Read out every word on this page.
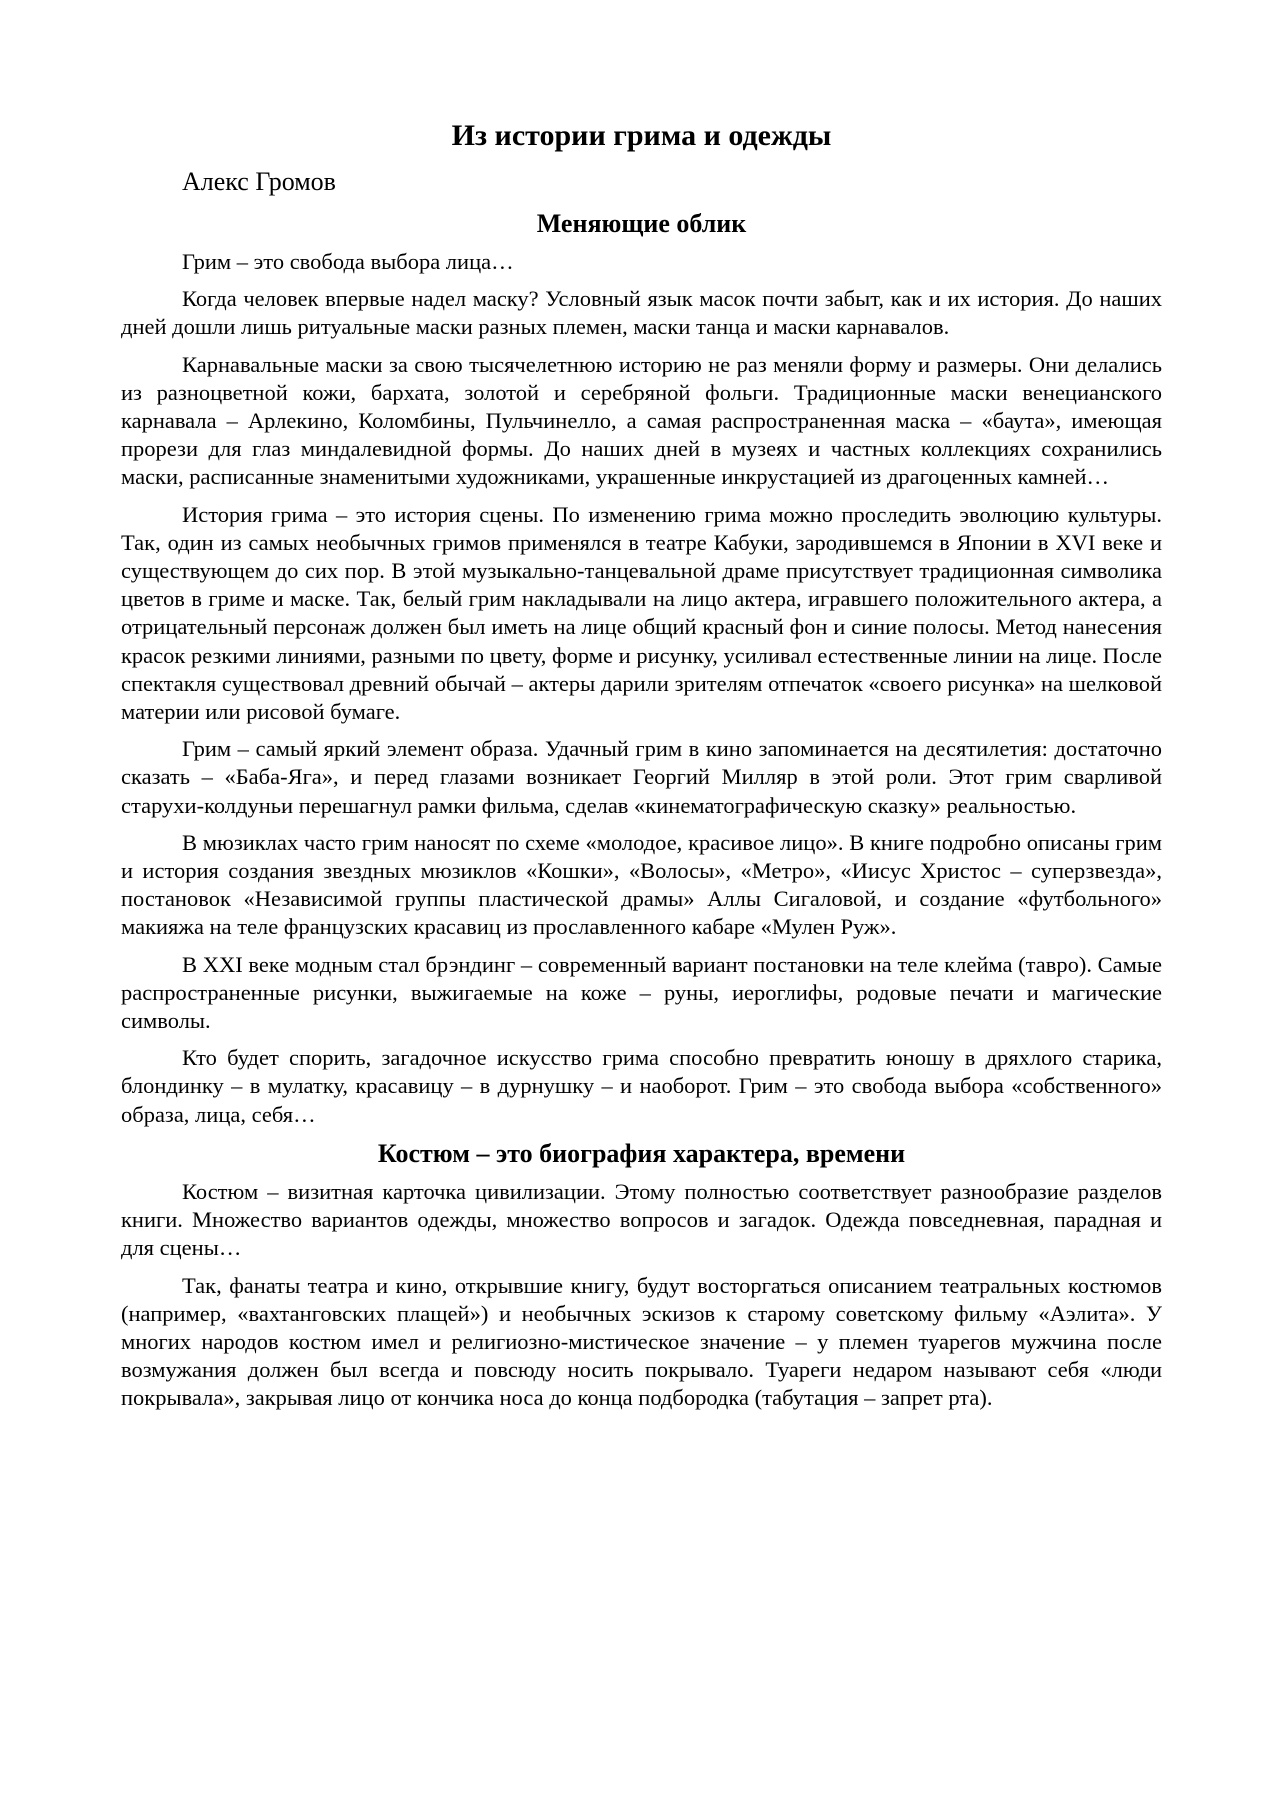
Из истории грима и одежды
Алекс Громов
Меняющие облик

Грим – это свобода выбора лица…

Когда человек впервые надел маску? Условный язык масок почти забыт, как и их история. До наших дней дошли лишь ритуальные маски разных племен, маски танца и маски карнавалов.

Карнавальные маски за свою тысячелетнюю историю не раз меняли форму и размеры. Они делались из разноцветной кожи, бархата, золотой и серебряной фольги. Традиционные маски венецианского карнавала – Арлекино, Коломбины, Пульчинелло, а самая распространенная маска – «баута», имеющая прорези для глаз миндалевидной формы. До наших дней в музеях и частных коллекциях сохранились маски, расписанные знаменитыми художниками, украшенные инкрустацией из драгоценных камней…

История грима – это история сцены. По изменению грима можно проследить эволюцию культуры. Так, один из самых необычных гримов применялся в театре Кабуки, зародившемся в Японии в XVI веке и существующем до сих пор. В этой музыкально-танцевальной драме присутствует традиционная символика цветов в гриме и маске. Так, белый грим накладывали на лицо актера, игравшего положительного актера, а отрицательный персонаж должен был иметь на лице общий красный фон и синие полосы. Метод нанесения красок резкими линиями, разными по цвету, форме и рисунку, усиливал естественные линии на лице. После спектакля существовал древний обычай – актеры дарили зрителям отпечаток «своего рисунка» на шелковой материи или рисовой бумаге.

Грим – самый яркий элемент образа. Удачный грим в кино запоминается на десятилетия: достаточно сказать – «Баба-Яга», и перед глазами возникает Георгий Милляр в этой роли. Этот грим сварливой старухи-колдуньи перешагнул рамки фильма, сделав «кинематографическую сказку» реальностью.

В мюзиклах часто грим наносят по схеме «молодое, красивое лицо». В книге подробно описаны грим и история создания звездных мюзиклов «Кошки», «Волосы», «Метро», «Иисус Христос – суперзвезда», постановок «Независимой группы пластической драмы» Аллы Сигаловой, и создание «футбольного» макияжа на теле французских красавиц из прославленного кабаре «Мулен Руж».

В XXI веке модным стал брэндинг – современный вариант постановки на теле клейма (тавро). Самые распространенные рисунки, выжигаемые на коже – руны, иероглифы, родовые печати и магические символы.

Кто будет спорить, загадочное искусство грима способно превратить юношу в дряхлого старика, блондинку – в мулатку, красавицу – в дурнушку – и наоборот. Грим – это свобода выбора «собственного» образа, лица, себя…

Костюм – это биография характера, времени

Костюм – визитная карточка цивилизации. Этому полностью соответствует разнообразие разделов книги. Множество вариантов одежды, множество вопросов и загадок. Одежда повседневная, парадная и для сцены…

Так, фанаты театра и кино, открывшие книгу, будут восторгаться описанием театральных костюмов (например, «вахтанговских плащей») и необычных эскизов к старому советскому фильму «Аэлита». У многих народов костюм имел и религиозно-мистическое значение – у племен туарегов мужчина после возмужания должен был всегда и повсюду носить покрывало. Туареги недаром называют себя «люди покрывала», закрывая лицо от кончика носа до конца подбородка (табутация – запрет рта).
